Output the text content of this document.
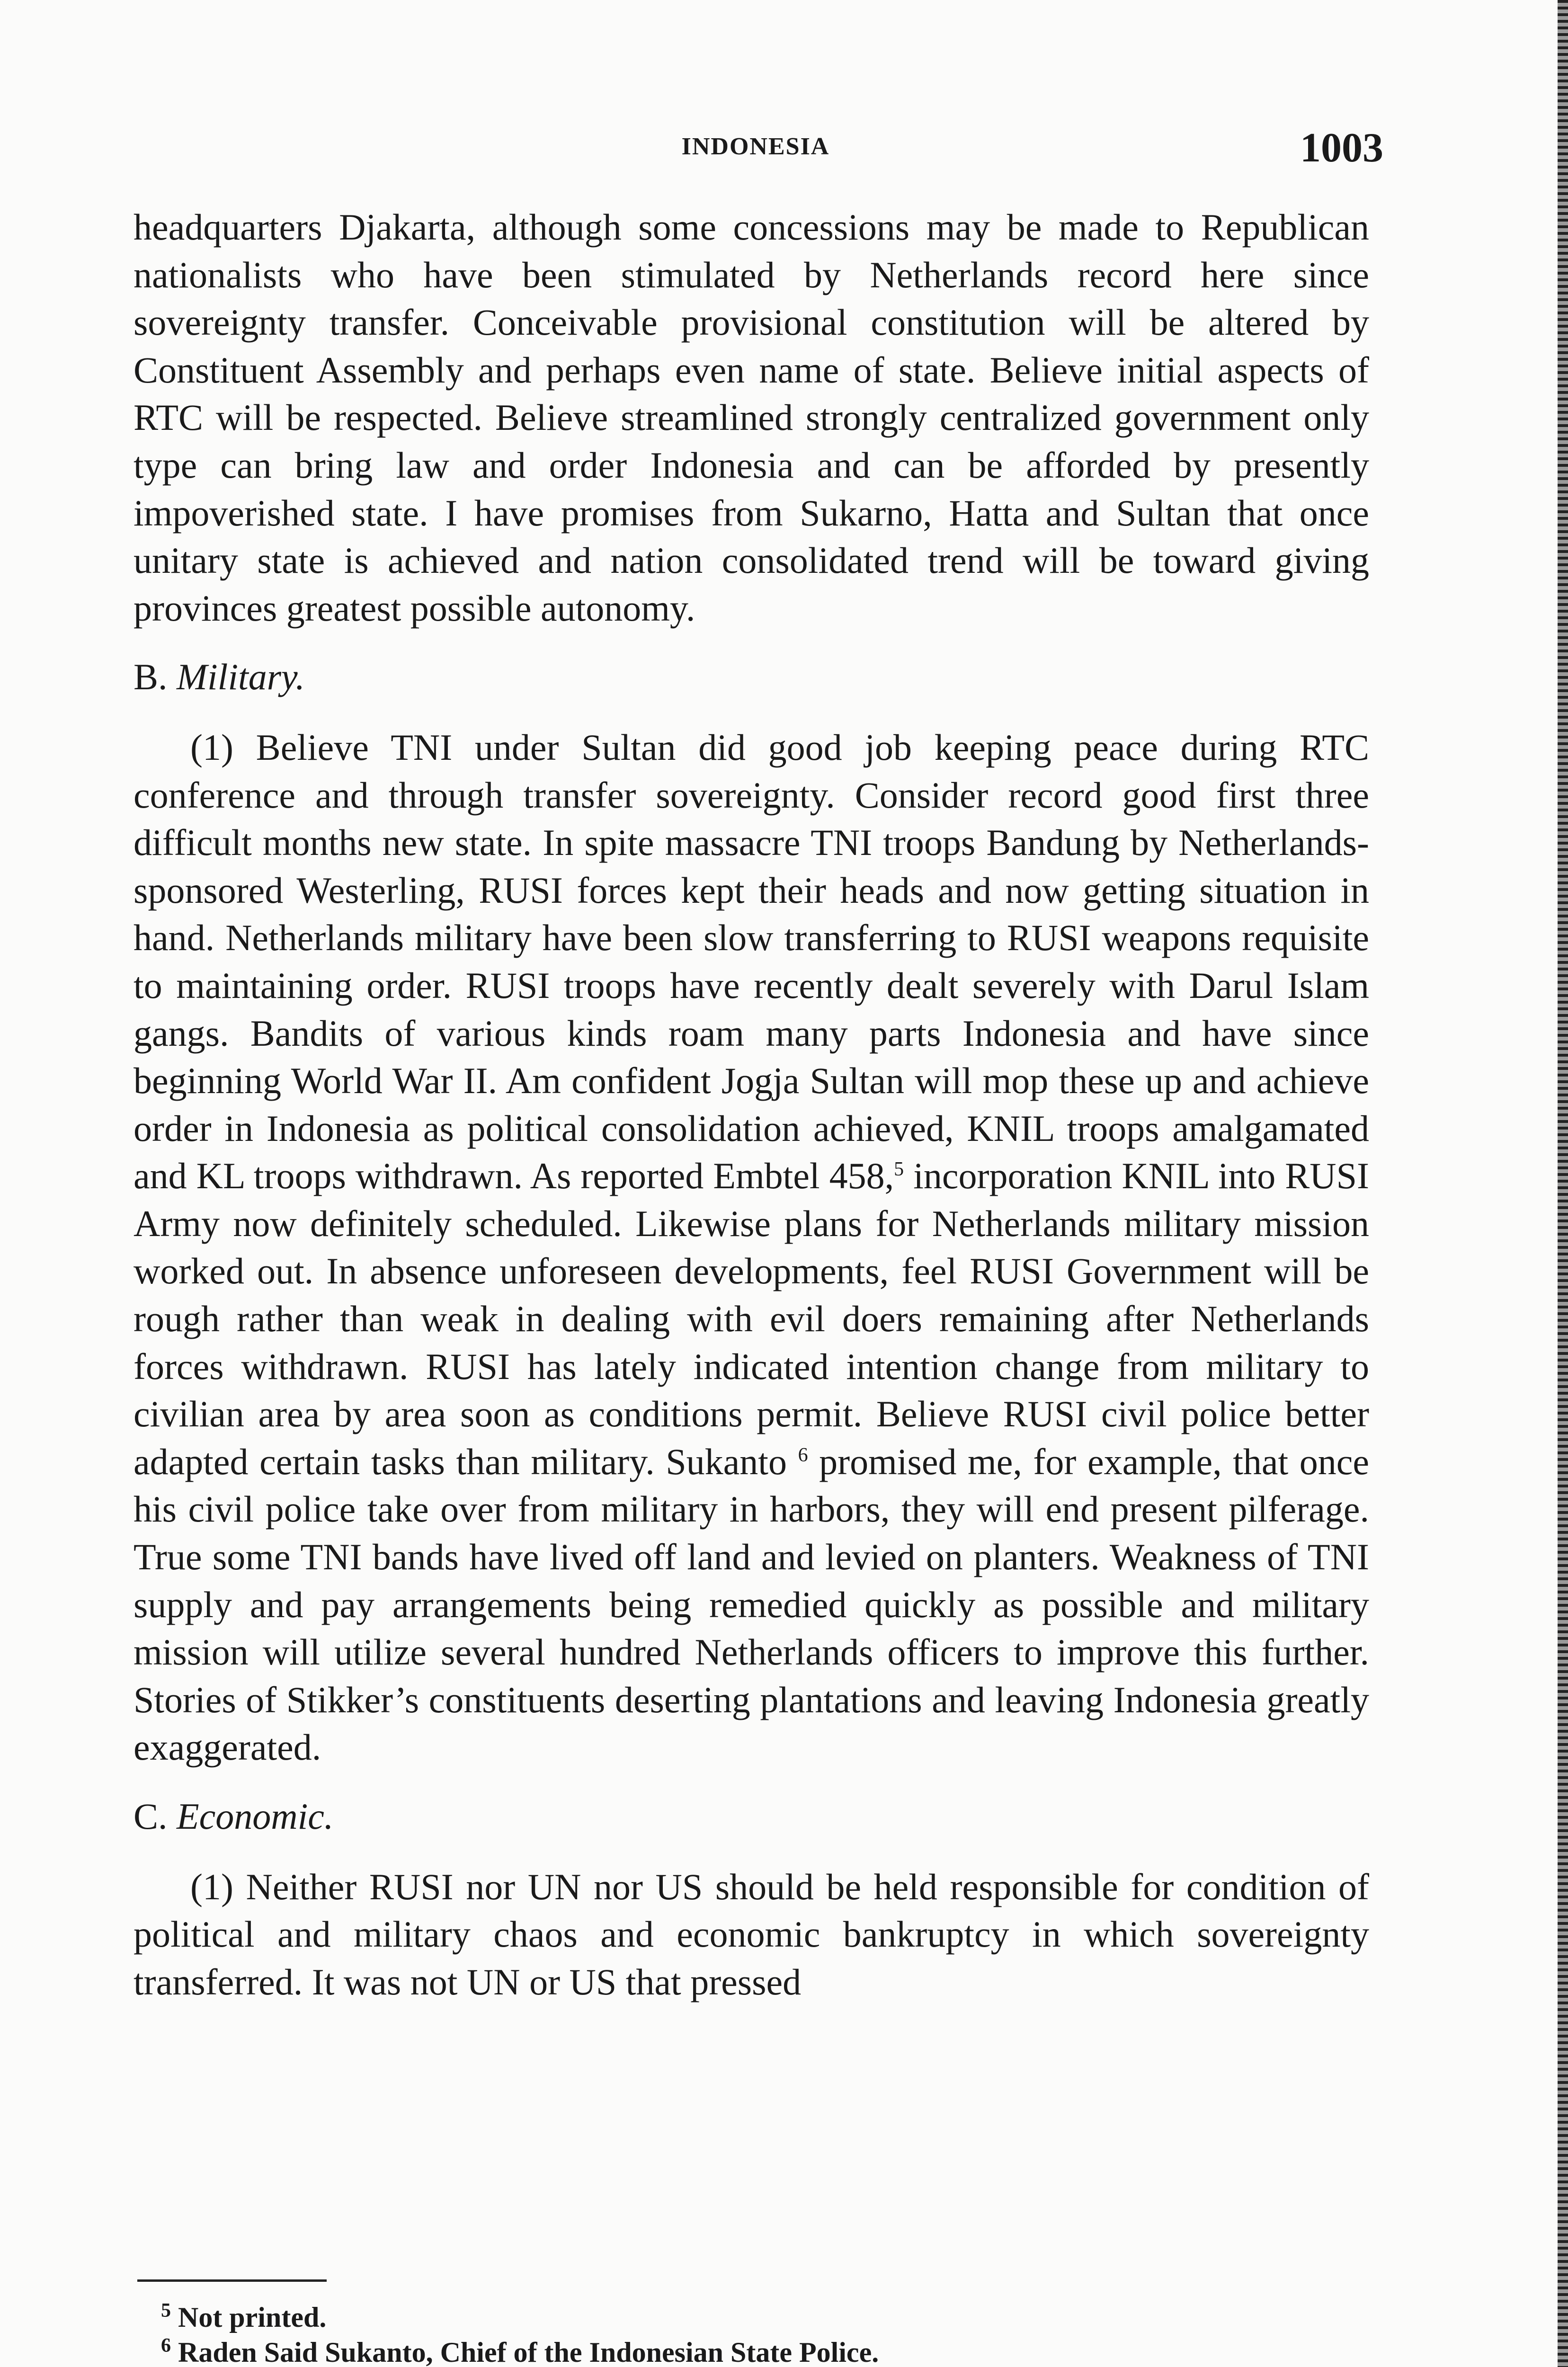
INDONESIA	1003

headquarters Djakarta, although some concessions may be made to Republican nationalists who have been stimulated by Netherlands record here since sovereignty transfer. Conceivable provisional constitution will be altered by Constituent Assembly and perhaps even name of state. Believe initial aspects of RTC will be respected. Believe streamlined strongly centralized government only type can bring law and order Indonesia and can be afforded by presently impoverished state. I have promises from Sukarno, Hatta and Sultan that once unitary state is achieved and nation consolidated trend will be toward giving provinces greatest possible autonomy.

B. Military.

(1) Believe TNI under Sultan did good job keeping peace during RTC conference and through transfer sovereignty. Consider record good first three difficult months new state. In spite massacre TNI troops Bandung by Netherlands-sponsored Westerling, RUSI forces kept their heads and now getting situation in hand. Netherlands military have been slow transferring to RUSI weapons requisite to maintaining order. RUSI troops have recently dealt severely with Darul Islam gangs. Bandits of various kinds roam many parts Indonesia and have since beginning World War II. Am confident Jogja Sultan will mop these up and achieve order in Indonesia as political consolidation achieved, KNIL troops amalgamated and KL troops withdrawn. As reported Embtel 458,$^5$ incorporation KNIL into RUSI Army now definitely scheduled. Likewise plans for Netherlands military mission worked out. In absence unforeseen developments, feel RUSI Government will be rough rather than weak in dealing with evil doers remaining after Netherlands forces withdrawn. RUSI has lately indicated intention change from military to civilian area by area soon as conditions permit. Believe RUSI civil police better adapted certain tasks than military. Sukanto $^6$ promised me, for example, that once his civil police take over from military in harbors, they will end present pilferage. True some TNI bands have lived off land and levied on planters. Weakness of TNI supply and pay arrangements being remedied quickly as possible and military mission will utilize several hundred Netherlands officers to improve this further. Stories of Stikker’s constituents deserting plantations and leaving Indonesia greatly exaggerated.

C. Economic.

(1) Neither RUSI nor UN nor US should be held responsible for condition of political and military chaos and economic bankruptcy in which sovereignty transferred. It was not UN or US that pressed

$^5$ Not printed.

$^6$ Raden Said Sukanto, Chief of the Indonesian State Police.
